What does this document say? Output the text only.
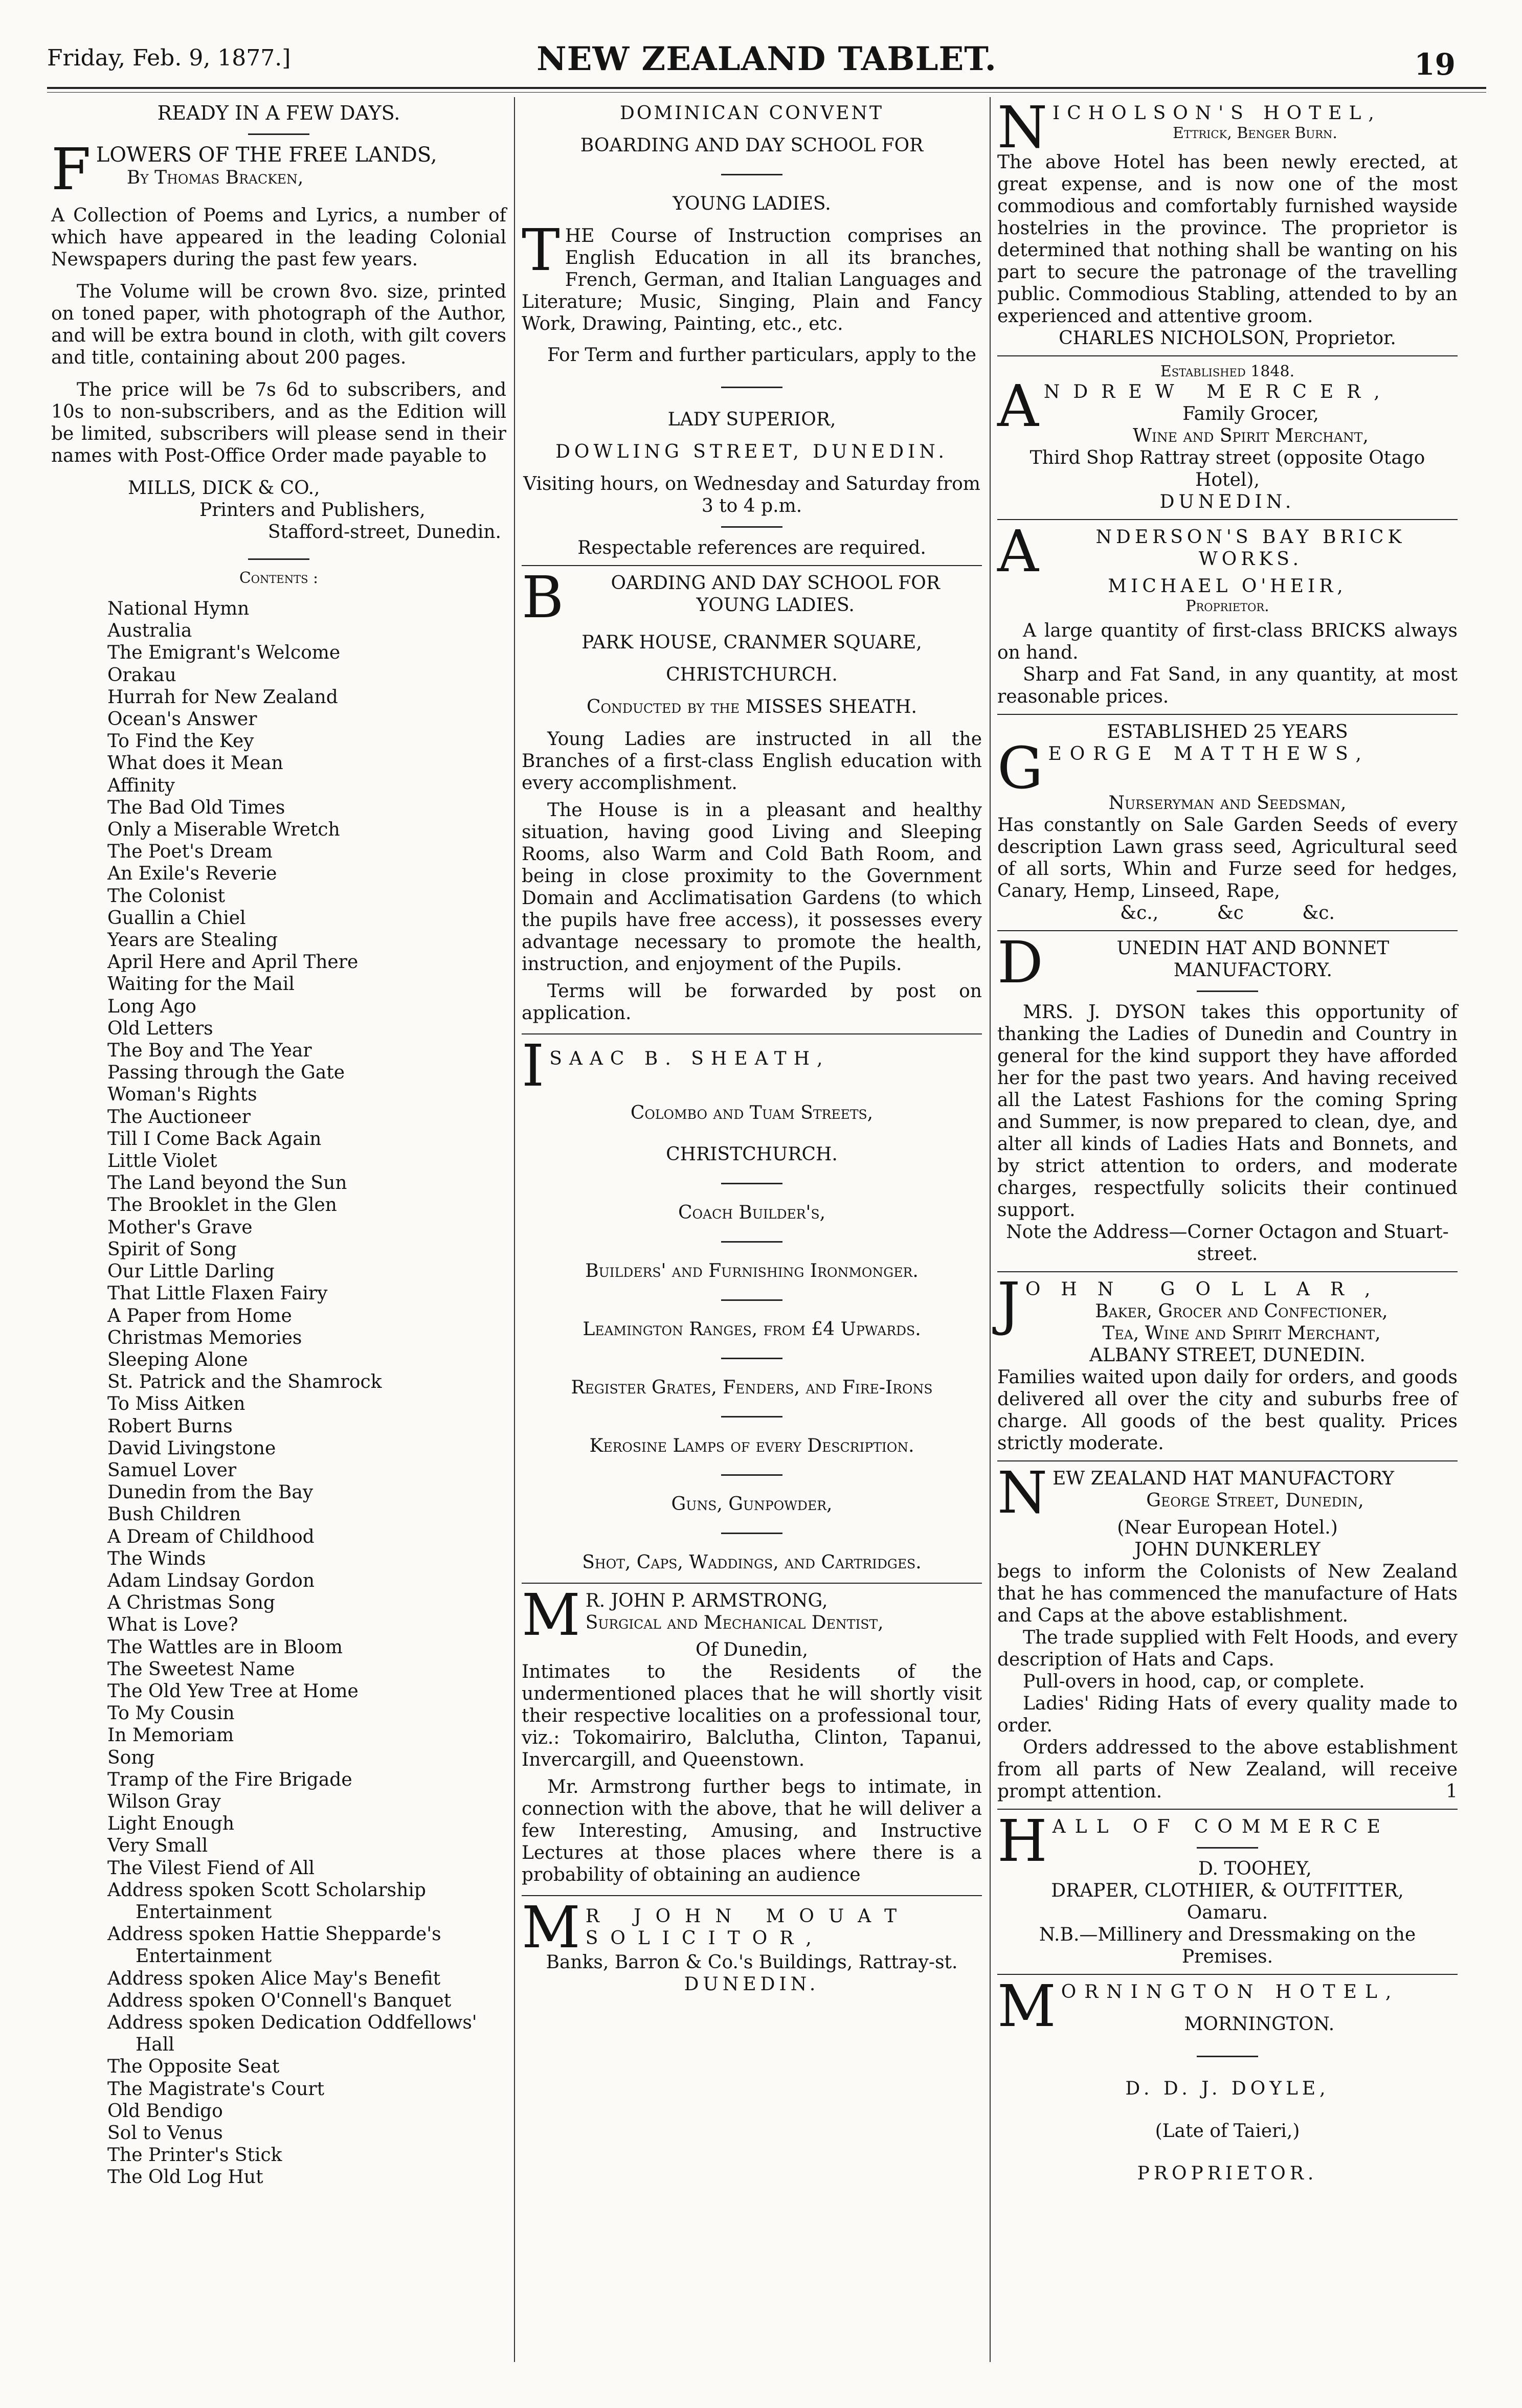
Friday, Feb. 9, 1877.]	NEW ZEALAND TABLET.	19
READY IN A FEW DAYS.
F LOWERS OF THE FREE LANDS,
By Thomas Bracken,

A Collection of Poems and Lyrics, a number of which have appeared in the leading Colonial Newspapers during the past few years.

The Volume will be crown 8vo. size, printed on toned paper, with photograph of the Author, and will be extra bound in cloth, with gilt covers and title, containing about 200 pages.

The price will be 7s 6d to subscribers, and 10s to non-subscribers, and as the Edition will be limited, subscribers will please send in their names with Post-Office Order made payable to

MILLS, DICK & CO.,
Printers and Publishers,
Stafford-street, Dunedin.
Contents :
National Hymn
Australia
The Emigrant's Welcome
Orakau
Hurrah for New Zealand
Ocean's Answer
To Find the Key
What does it Mean
Affinity
The Bad Old Times
Only a Miserable Wretch
The Poet's Dream
An Exile's Reverie
The Colonist
Guallin a Chiel
Years are Stealing
April Here and April There
Waiting for the Mail
Long Ago
Old Letters
The Boy and The Year
Passing through the Gate
Woman's Rights
The Auctioneer
Till I Come Back Again
Little Violet
The Land beyond the Sun
The Brooklet in the Glen
Mother's Grave
Spirit of Song
Our Little Darling
That Little Flaxen Fairy
A Paper from Home
Christmas Memories
Sleeping Alone
St. Patrick and the Shamrock
To Miss Aitken
Robert Burns
David Livingstone
Samuel Lover
Dunedin from the Bay
Bush Children
A Dream of Childhood
The Winds
Adam Lindsay Gordon
A Christmas Song
What is Love?
The Wattles are in Bloom
The Sweetest Name
The Old Yew Tree at Home
To My Cousin
In Memoriam
Song
Tramp of the Fire Brigade
Wilson Gray
Light Enough
Very Small
The Vilest Fiend of All
Address spoken Scott Scholarship Entertainment
Address spoken Hattie Shepparde's Entertainment
Address spoken Alice May's Benefit
Address spoken O'Connell's Banquet
Address spoken Dedication Oddfellows' Hall
The Opposite Seat
The Magistrate's Court
Old Bendigo
Sol to Venus
The Printer's Stick
The Old Log Hut
DOMINICAN CONVENT
BOARDING AND DAY SCHOOL FOR
YOUNG LADIES.

THE Course of Instruction comprises an English Education in all its branches, French, German, and Italian Languages and Literature; Music, Singing, Plain and Fancy Work, Drawing, Painting, etc., etc.

For Term and further particulars, apply to the

LADY SUPERIOR,
DOWLING STREET, DUNEDIN.
Visiting hours, on Wednesday and Saturday from 3 to 4 p.m.
Respectable references are required.
B	OARDING AND DAY SCHOOL FOR
YOUNG LADIES.
PARK HOUSE, CRANMER SQUARE,
CHRISTCHURCH.
Conducted by the MISSES SHEATH.

Young Ladies are instructed in all the Branches of a first-class English education with every accomplishment.

The House is in a pleasant and healthy situation, having good Living and Sleeping Rooms, also Warm and Cold Bath Room, and being in close proximity to the Government Domain and Acclimatisation Gardens (to which the pupils have free access), it possesses every advantage necessary to promote the health, instruction, and enjoyment of the Pupils.

Terms will be forwarded by post on application.

I SAAC B. SHEATH,
Colombo and Tuam Streets,
CHRISTCHURCH.
Coach Builder's,
Builders' and Furnishing Ironmonger.
Leamington Ranges, from £4 Upwards.
Register Grates, Fenders, and Fire-Irons
Kerosine Lamps of every Description.
Guns, Gunpowder,
Shot, Caps, Waddings, and Cartridges.
M R. JOHN P. ARMSTRONG,
Surgical and Mechanical Dentist,
Of Dunedin,

Intimates to the Residents of the undermentioned places that he will shortly visit their respective localities on a professional tour, viz.: Tokomairiro, Balclutha, Clinton, Tapanui, Invercargill, and Queenstown.

Mr. Armstrong further begs to intimate, in connection with the above, that he will deliver a few Interesting, Amusing, and Instructive Lectures at those places where there is a probability of obtaining an audience

M R JOHN MOUAT
SOLICITOR,
Banks, Barron & Co.'s Buildings, Rattray-st.
DUNEDIN.
N ICHOLSON'S HOTEL,
Ettrick, Benger Burn.

The above Hotel has been newly erected, at great expense, and is now one of the most commodious and comfortably furnished wayside hostelries in the province. The proprietor is determined that nothing shall be wanting on his part to secure the patronage of the travelling public. Commodious Stabling, attended to by an experienced and attentive groom.

CHARLES NICHOLSON, Proprietor.
Established 1848.
A NDREW MERCER,
Family Grocer,
Wine and Spirit Merchant,
Third Shop Rattray street (opposite Otago Hotel),
DUNEDIN.
A	NDERSON'S BAY BRICK WORKS.
MICHAEL O'HEIR,
Proprietor.

A large quantity of first-class BRICKS always on hand.

Sharp and Fat Sand, in any quantity, at most reasonable prices.

ESTABLISHED 25 YEARS
G EORGE MATTHEWS,
Nurseryman and Seedsman,

Has constantly on Sale Garden Seeds of every description Lawn grass seed, Agricultural seed of all sorts, Whin and Furze seed for hedges, Canary, Hemp, Linseed, Rape,

&c.,          &c          &c.
D	UNEDIN HAT AND BONNET MANUFACTORY.

MRS. J. DYSON takes this opportunity of thanking the Ladies of Dunedin and Country in general for the kind support they have afforded her for the past two years. And having received all the Latest Fashions for the coming Spring and Summer, is now prepared to clean, dye, and alter all kinds of Ladies Hats and Bonnets, and by strict attention to orders, and moderate charges, respectfully solicits their continued support.

Note the Address—Corner Octagon and Stuart-street.

J OHN GOLLAR,
Baker, Grocer and Confectioner,
Tea, Wine and Spirit Merchant,
ALBANY STREET, DUNEDIN.

Families waited upon daily for orders, and goods delivered all over the city and suburbs free of charge. All goods of the best quality. Prices strictly moderate.

N EW ZEALAND HAT MANUFACTORY
George Street, Dunedin,
(Near European Hotel.)
JOHN DUNKERLEY

begs to inform the Colonists of New Zealand that he has commenced the manufacture of Hats and Caps at the above establishment.

The trade supplied with Felt Hoods, and every description of Hats and Caps.

Pull-overs in hood, cap, or complete.

Ladies' Riding Hats of every quality made to order.

Orders addressed to the above establishment from all parts of New Zealand, will receive prompt attention.	1

H ALL OF COMMERCE
D. TOOHEY,
DRAPER, CLOTHIER, & OUTFITTER,
Oamaru.
N.B.—Millinery and Dressmaking on the Premises.
M ORNINGTON HOTEL,
MORNINGTON.
D. D. J. DOYLE,
(Late of Taieri,)
PROPRIETOR.
